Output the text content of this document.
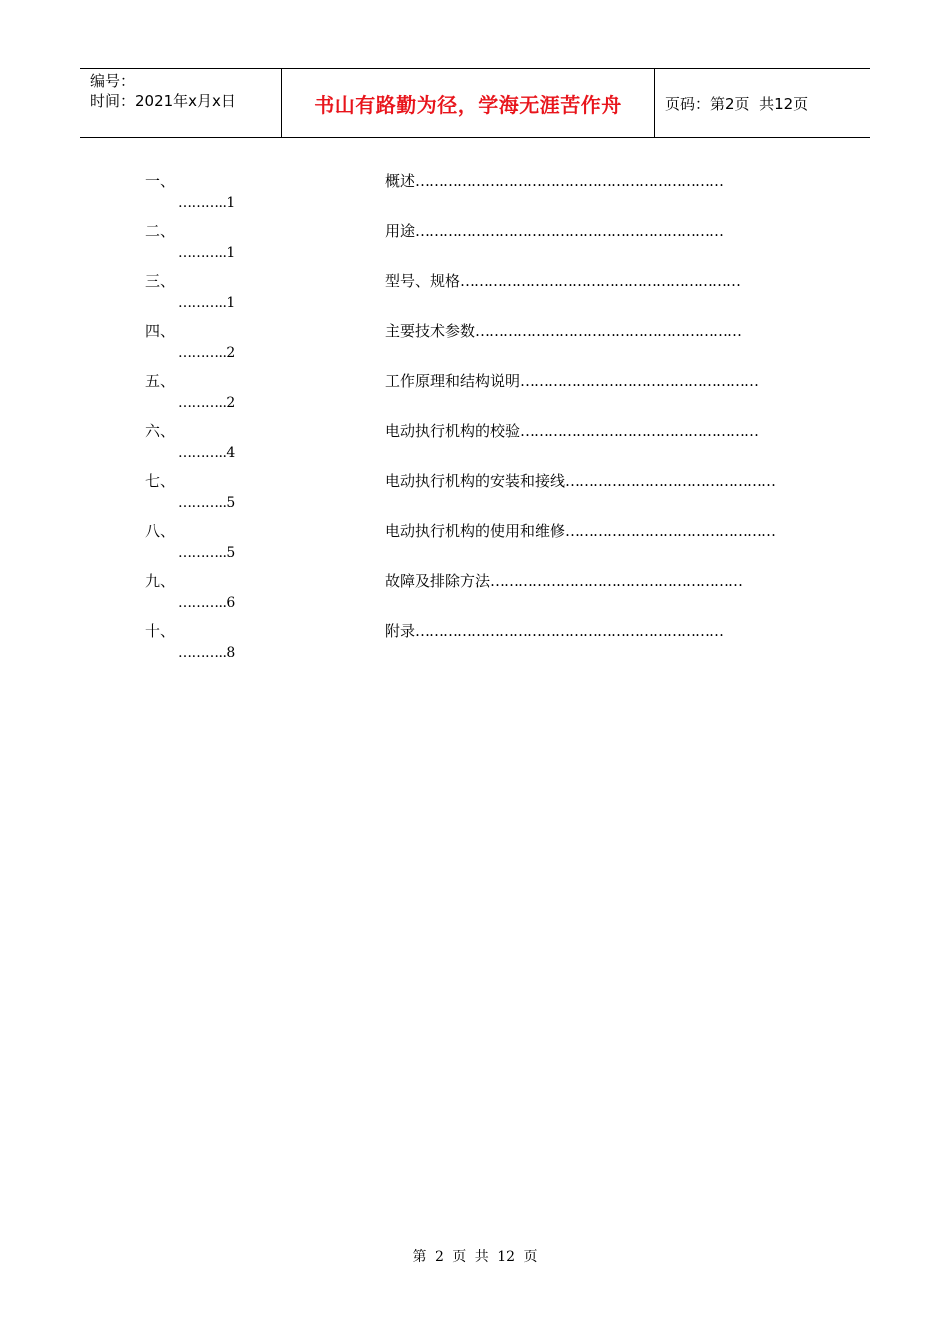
编号：
时间：2021年x月x日	书山有路勤为径，学海无涯苦作舟	页码：第2页  共12页
一、	概述…………………………………………………………
………..1
二、	用途…………………………………………………………
………..1
三、	型号、规格……………………………………………………
………..1
四、	主要技术参数…………………………………………………
………..2
五、	工作原理和结构说明……………………………………………
………..2
六、	电动执行机构的校验……………………………………………
………..4
七、	电动执行机构的安装和接线………………………………………
………..5
八、	电动执行机构的使用和维修………………………………………
………..5
九、	故障及排除方法………………………………………………
………..6
十、	附录…………………………………………………………
………..8
第 2 页 共 12 页
